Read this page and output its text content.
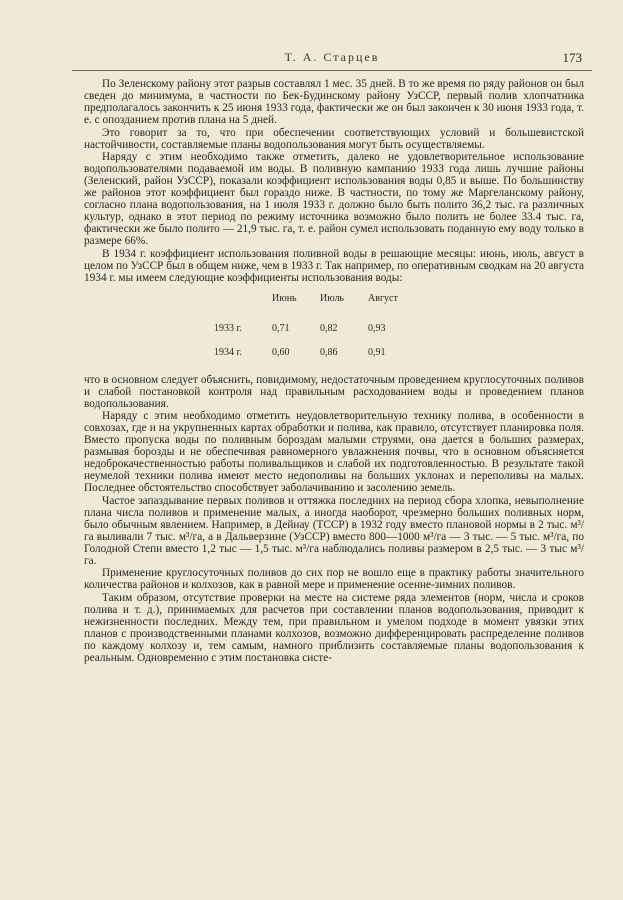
Т. А. Старцев	173

По Зеленскому району этот разрыв составлял 1 мес. 35 дней. В то же время по ряду районов он был сведен до минимума, в частности по Бек-Будинскому району УзССР, первый полив хлопчатника предполагалось закончить к 25 июня 1933 года, фактически же он был закончен к 30 июня 1933 года, т. е. с опозданием против плана на 5 дней.

Это говорит за то, что при обеспечении соответствующих условий и большевистской настойчивости, составляемые планы водопользования могут быть осуществляемы.

Наряду с этим необходимо также отметить, далеко не удовлетворительное использование водопользователями подаваемой им воды. В поливную кампанию 1933 года лишь лучшие районы (Зеленский, район УзССР), показали коэффициент использования воды 0,85 и выше. По большинству же районов этот коэффициент был гораздо ниже. В частности, по тому же Маргеланскому району, согласно плана водопользования, на 1 июля 1933 г. должно было быть полито 36,2 тыс. га различных культур, однако в этот период по режиму источника возможно было полить не более 33.4 тыс. га, фактически же было полито — 21,9 тыс. га, т. е. район сумел использовать поданную ему воду только в размере 66%.

В 1934 г. коэффициент использования поливной воды в решающие месяцы: июнь, июль, август в целом по УзССР был в общем ниже, чем в 1933 г. Так например, по оперативным сводкам на 20 августа 1934 г. мы имеем следующие коэффициенты использования воды:

	Июнь	Июль	Август
1933 г.	0,71	0,82	0,93
1934 г.	0,60	0,86	0,91

что в основном следует объяснить, повидимому, недостаточным проведением круглосуточных поливов и слабой постановкой контроля над правильным расходованием воды и проведением планов водопользования.

Наряду с этим необходимо отметить неудовлетворительную технику полива, в особенности в совхозах, где и на укрупненных картах обработки и полива, как правило, отсутствует планировка поля. Вместо пропуска воды по поливным бороздам малыми струями, она дается в больших размерах, размывая борозды и не обеспечивая равномерного увлажнения почвы, что в основном объясняется недоброкачественностью работы поливальщиков и слабой их подготовленностью. В результате такой неумелой техники полива имеют место недополивы на больших уклонах и переполивы на малых. Последнее обстоятельство способствует заболачиванию и засолению земель.

Частое запаздывание первых поливов и оттяжка последних на период сбора хлопка, невыполнение плана числа поливов и применение малых, а иногда наоборот, чрезмерно больших поливных норм, было обычным явлением. Например, в Дейнау (ТССР) в 1932 году вместо плановой нормы в 2 тыс. м³/га выливали 7 тыс. м³/га, а в Дальверзине (УзССР) вместо 800—1000 м³/га — 3 тыс. — 5 тыс. м³/га, по Голодной Степи вместо 1,2 тыс — 1,5 тыс. м³/га наблюдались поливы размером в 2,5 тыс. — 3 тыс м³/га.

Применение круглосуточных поливов до сих пор не вошло еще в практику работы значительного количества районов и колхозов, как в равной мере и применение осенне-зимних поливов.

Таким образом, отсутствие проверки на месте на системе ряда элементов (норм, числа и сроков полива и т. д.), принимаемых для расчетов при составлении планов водопользования, приводит к нежизненности последних. Между тем, при правильном и умелом подходе в момент увязки этих планов с производственными планами колхозов, возможно дифференцировать распределение поливов по каждому колхозу и, тем самым, намного приблизить составляемые планы водопользования к реальным. Одновременно с этим постановка систе-
